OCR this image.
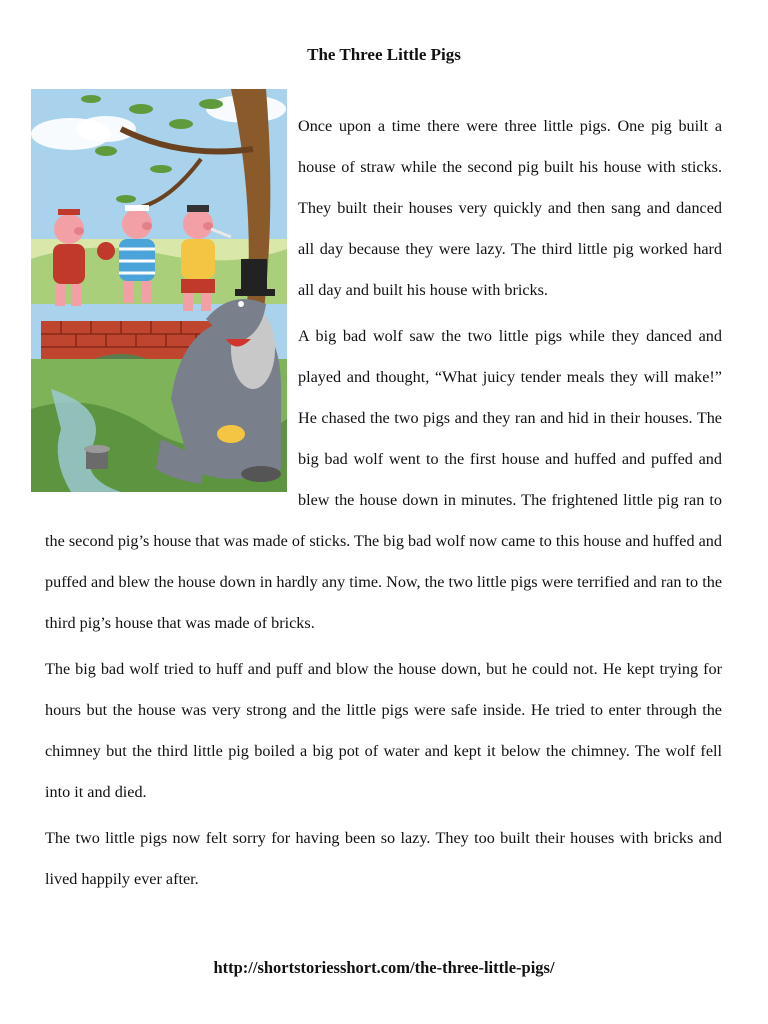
The Three Little Pigs

Once upon a time there were three little pigs. One pig built a house of straw while the second pig built his house with sticks. They built their houses very quickly and then sang and danced all day because they were lazy. The third little pig worked hard all day and built his house with bricks.

A big bad wolf saw the two little pigs while they danced and played and thought, “What juicy tender meals they will make!” He chased the two pigs and they ran and hid in their houses. The big bad wolf went to the first house and huffed and puffed and blew the house down in minutes. The frightened little pig ran to the second pig’s house that was made of sticks. The big bad wolf now came to this house and huffed and puffed and blew the house down in hardly any time. Now, the two little pigs were terrified and ran to the third pig’s house that was made of bricks.

The big bad wolf tried to huff and puff and blow the house down, but he could not. He kept trying for hours but the house was very strong and the little pigs were safe inside. He tried to enter through the chimney but the third little pig boiled a big pot of water and kept it below the chimney. The wolf fell into it and died.

The two little pigs now felt sorry for having been so lazy. They too built their houses with bricks and lived happily ever after.

http://shortstoriesshort.com/the-three-little-pigs/
